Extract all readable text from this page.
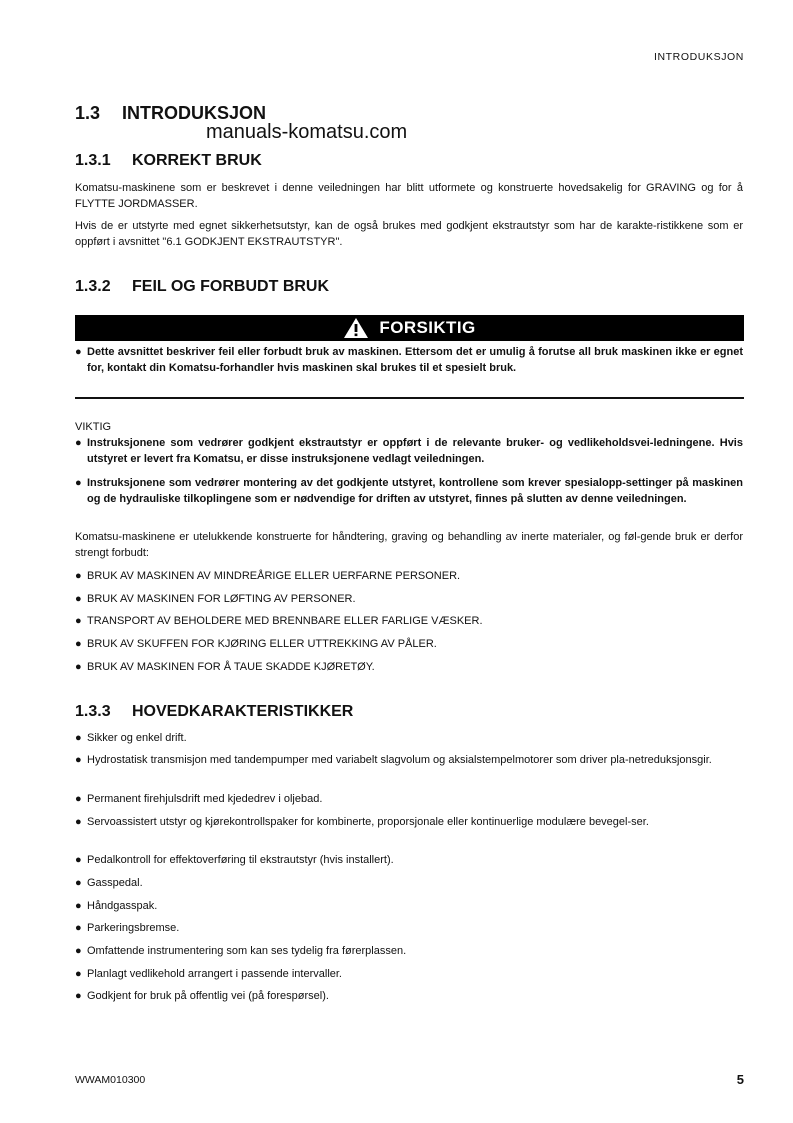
INTRODUKSJON
1.3 INTRODUKSJON
manuals-komatsu.com
1.3.1 KORREKT BRUK
Komatsu-maskinene som er beskrevet i denne veiledningen har blitt utformete og konstruerte hovedsakelig for GRAVING og for å FLYTTE JORDMASSER.
Hvis de er utstyrte med egnet sikkerhetsutstyr, kan de også brukes med godkjent ekstrautstyr som har de karakte-ristikkene som er oppført i avsnittet "6.1 GODKJENT EKSTRAUTSTYR".
1.3.2 FEIL OG FORBUDT BRUK
FORSIKTIG
● Dette avsnittet beskriver feil eller forbudt bruk av maskinen. Ettersom det er umulig å forutse all bruk maskinen ikke er egnet for, kontakt din Komatsu-forhandler hvis maskinen skal brukes til et spesielt bruk.
VIKTIG
● Instruksjonene som vedrører godkjent ekstrautstyr er oppført i de relevante bruker- og vedlikeholdsvei-ledningene. Hvis utstyret er levert fra Komatsu, er disse instruksjonene vedlagt veiledningen.
● Instruksjonene som vedrører montering av det godkjente utstyret, kontrollene som krever spesialopp-settinger på maskinen og de hydrauliske tilkoplingene som er nødvendige for driften av utstyret, finnes på slutten av denne veiledningen.
Komatsu-maskinene er utelukkende konstruerte for håndtering, graving og behandling av inerte materialer, og føl-gende bruk er derfor strengt forbudt:
● BRUK AV MASKINEN AV MINDREÅRIGE ELLER UERFARNE PERSONER.
● BRUK AV MASKINEN FOR LØFTING AV PERSONER.
● TRANSPORT AV BEHOLDERE MED BRENNBARE ELLER FARLIGE VÆSKER.
● BRUK AV SKUFFEN FOR KJØRING ELLER UTTREKKING AV PÅLER.
● BRUK AV MASKINEN FOR Å TAUE SKADDE KJØRETØY.
1.3.3 HOVEDKARAKTERISTIKKER
● Sikker og enkel drift.
● Hydrostatisk transmisjon med tandempumper med variabelt slagvolum og aksialstempelmotorer som driver pla-netreduksjonsgir.
● Permanent firehjulsdrift med kjededrev i oljebad.
● Servoassistert utstyr og kjørekontrollspaker for kombinerte, proporsjonale eller kontinuerlige modulære bevegel-ser.
● Pedalkontroll for effektoverføring til ekstrautstyr (hvis installert).
● Gasspedal.
● Håndgasspak.
● Parkeringsbremse.
● Omfattende instrumentering som kan ses tydelig fra førerplassen.
● Planlagt vedlikehold arrangert i passende intervaller.
● Godkjent for bruk på offentlig vei (på forespørsel).
WWAM010300	5
